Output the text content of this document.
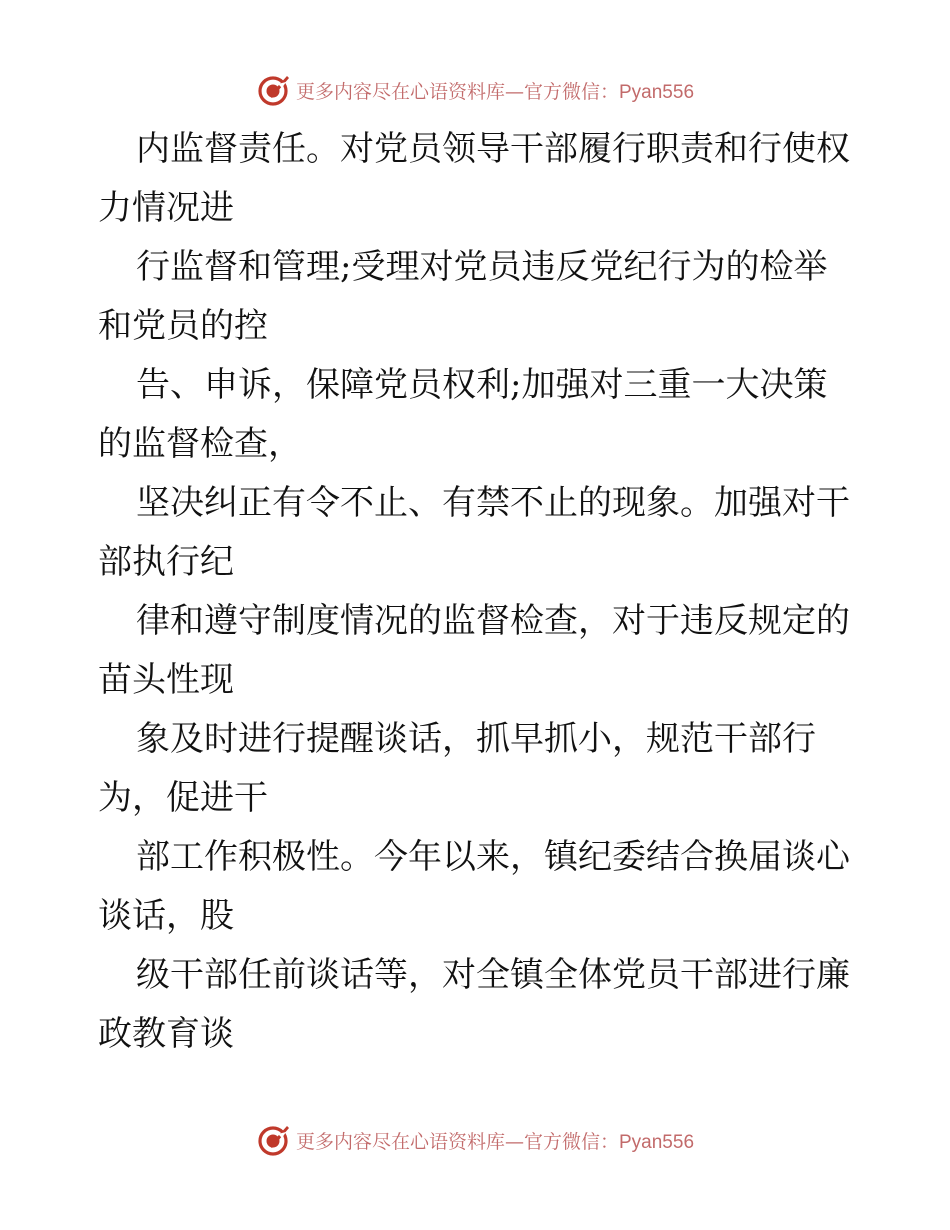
更多内容尽在心语资料库—官方微信：Pyan556
内监督责任。对党员领导干部履行职责和行使权
力情况进
行监督和管理;受理对党员违反党纪行为的检举
和党员的控
告、申诉，保障党员权利;加强对三重一大决策
的监督检查，
坚决纠正有令不止、有禁不止的现象。加强对干
部执行纪
律和遵守制度情况的监督检查，对于违反规定的
苗头性现
象及时进行提醒谈话，抓早抓小，规范干部行
为，促进干
部工作积极性。今年以来，镇纪委结合换届谈心
谈话，股
级干部任前谈话等，对全镇全体党员干部进行廉
政教育谈
更多内容尽在心语资料库—官方微信：Pyan556
